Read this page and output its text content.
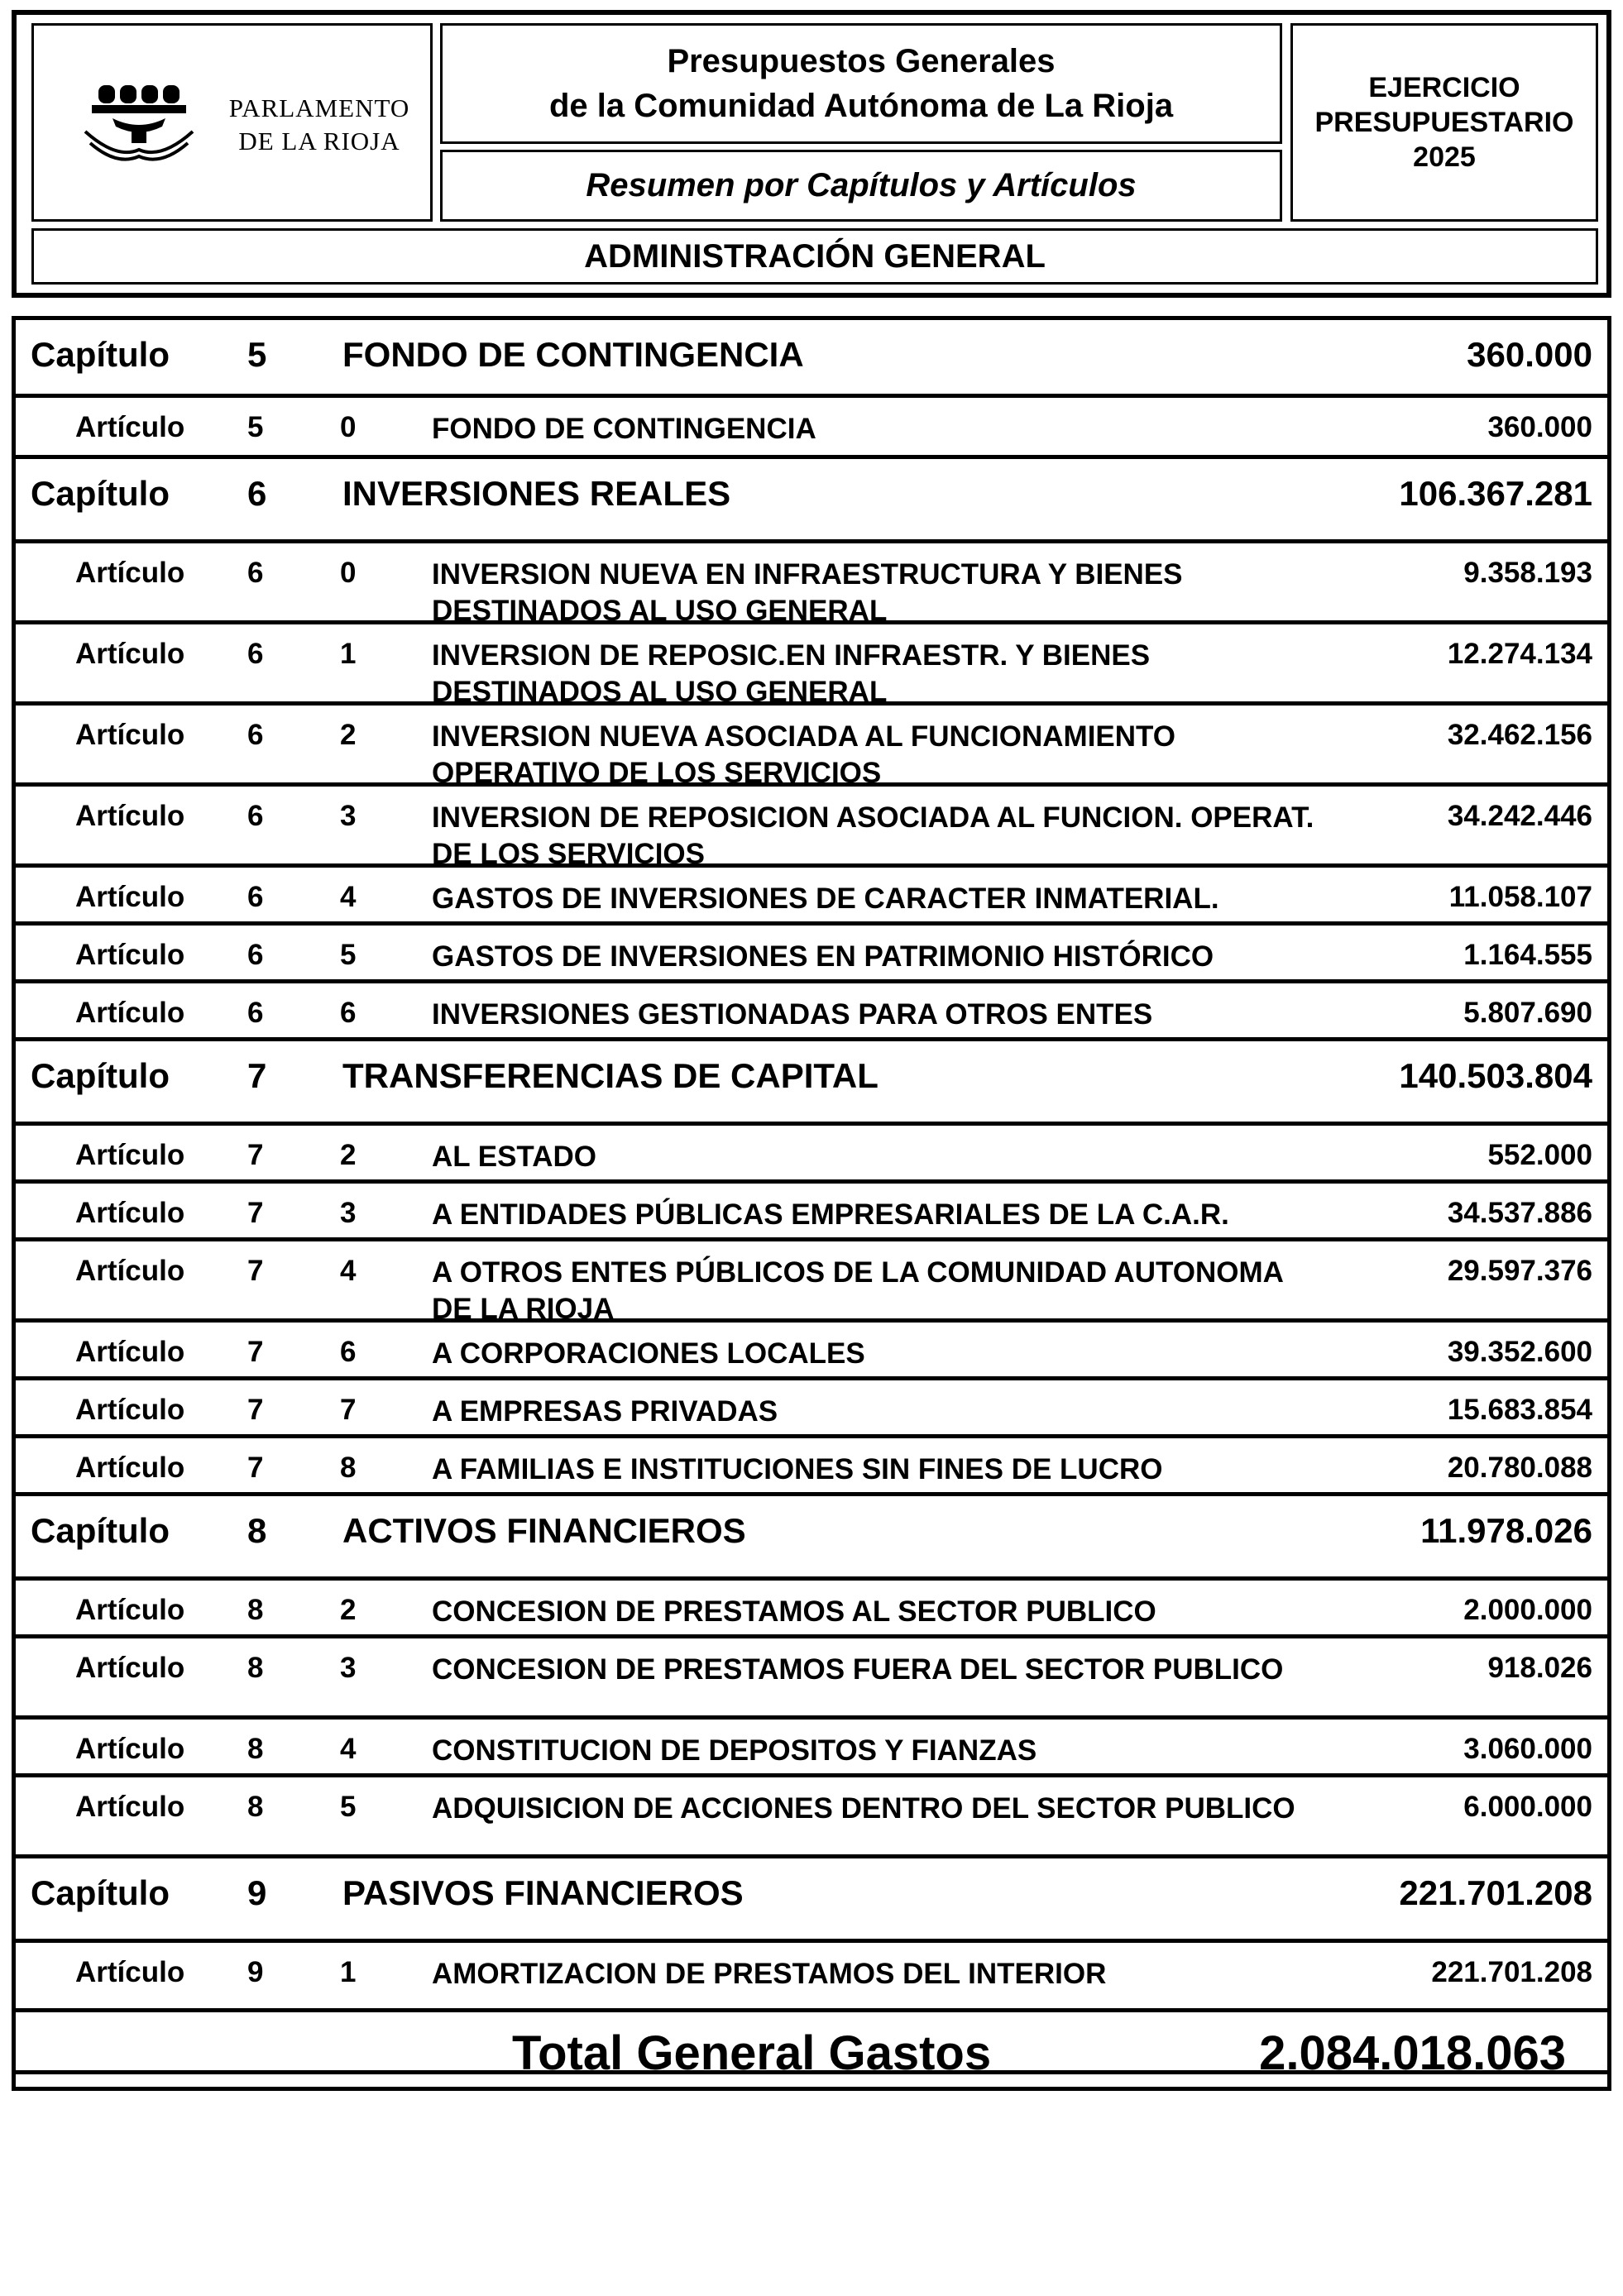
PARLAMENTO
DE LA RIOJA
Presupuestos Generales
de la Comunidad Autónoma de La Rioja
Resumen por Capítulos y Artículos
EJERCICIO
PRESUPUESTARIO
2025
ADMINISTRACIÓN GENERAL
Capítulo 5 FONDO DE CONTINGENCIA	360.000
Artículo 5	0	FONDO DE CONTINGENCIA	360.000
Capítulo 6 INVERSIONES REALES	106.367.281
Artículo 6	0	INVERSION NUEVA EN INFRAESTRUCTURA Y BIENES DESTINADOS AL USO GENERAL
9.358.193
Artículo 6	1	INVERSION DE REPOSIC.EN INFRAESTR. Y BIENES DESTINADOS AL USO GENERAL
12.274.134
Artículo 6	2	INVERSION NUEVA ASOCIADA AL FUNCIONAMIENTO OPERATIVO DE LOS SERVICIOS
32.462.156
Artículo 6	3	INVERSION DE REPOSICION ASOCIADA AL FUNCION. OPERAT. DE LOS SERVICIOS
34.242.446
Artículo 6	4	GASTOS DE INVERSIONES DE CARACTER INMATERIAL.	11.058.107
Artículo 6	5	GASTOS DE INVERSIONES EN PATRIMONIO HISTÓRICO	1.164.555
Artículo 6	6	INVERSIONES GESTIONADAS PARA OTROS ENTES	5.807.690
Capítulo 7 TRANSFERENCIAS DE CAPITAL	140.503.804
Artículo 7	2	AL ESTADO	552.000
Artículo 7	3	A ENTIDADES PÚBLICAS EMPRESARIALES DE LA C.A.R.	34.537.886
Artículo 7	4	A OTROS ENTES PÚBLICOS DE LA COMUNIDAD AUTONOMA DE LA RIOJA
29.597.376
Artículo 7	6	A CORPORACIONES LOCALES	39.352.600
Artículo 7	7	A EMPRESAS PRIVADAS	15.683.854
Artículo 7	8	A FAMILIAS E INSTITUCIONES SIN FINES DE LUCRO	20.780.088
Capítulo 8 ACTIVOS FINANCIEROS	11.978.026
Artículo 8	2	CONCESION DE PRESTAMOS AL SECTOR PUBLICO	2.000.000
Artículo 8	3	CONCESION DE PRESTAMOS FUERA DEL SECTOR PUBLICO	918.026
Artículo 8	4	CONSTITUCION DE DEPOSITOS Y FIANZAS	3.060.000
Artículo 8	5	ADQUISICION DE ACCIONES DENTRO DEL SECTOR PUBLICO	6.000.000
Capítulo 9 PASIVOS FINANCIEROS	221.701.208
Artículo 9	1	AMORTIZACION DE PRESTAMOS DEL INTERIOR	221.701.208
Total General Gastos	2.084.018.063
